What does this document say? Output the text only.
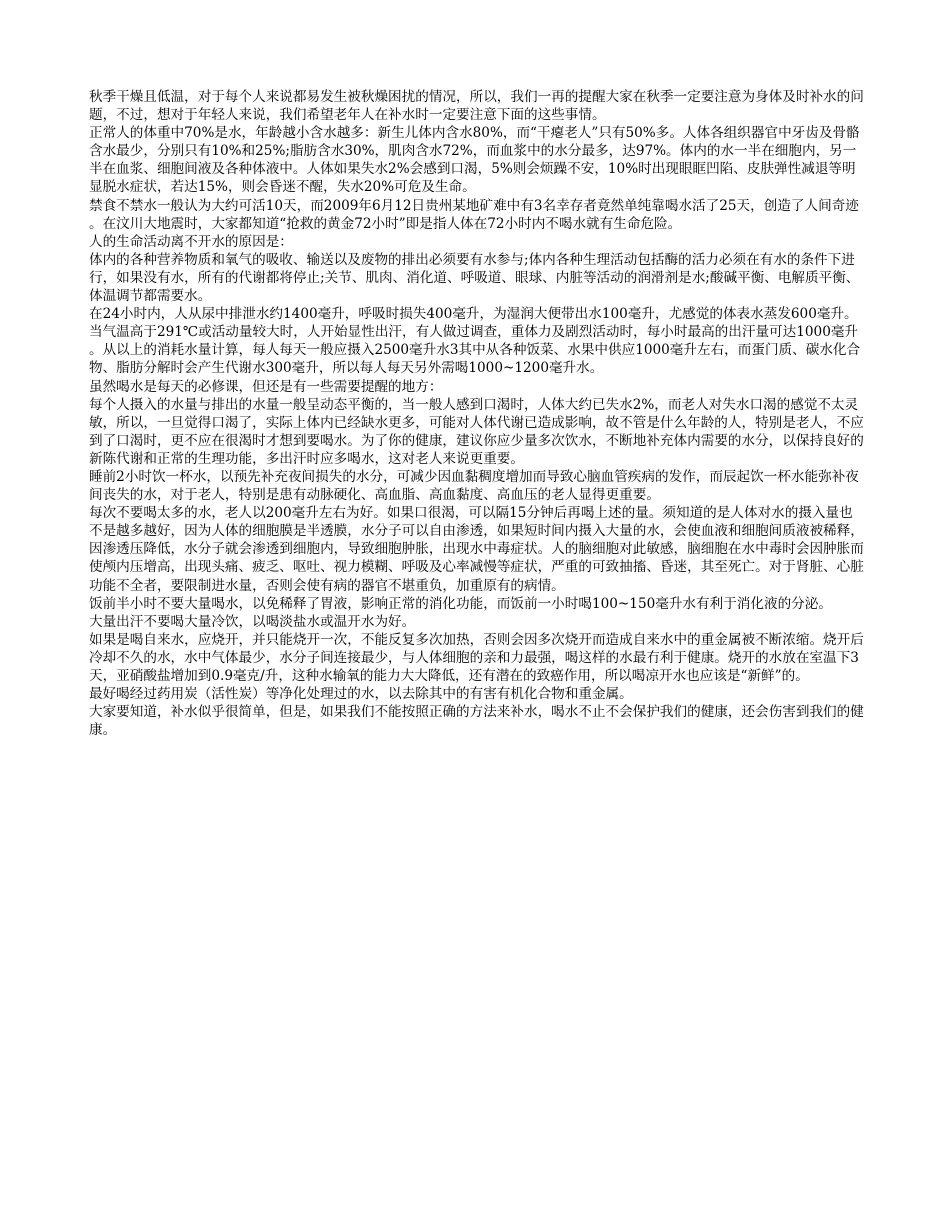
秋季干燥且低温，对于每个人来说都易发生被秋燥困扰的情况，所以，我们一再的提醒大家在秋季一定要注意为身体及时补水的问题，不过，想对于年轻人来说，我们希望老年人在补水时一定要注意下面的这些事情。

正常人的体重中70%是水，年龄越小含水越多：新生儿体内含水80%，而“干瘪老人”只有50%多。人体各组织器官中牙齿及骨骼含水最少，分别只有10%和25%;脂肪含水30%，肌肉含水72%，而血浆中的水分最多，达97%。体内的水一半在细胞内，另一半在血浆、细胞间液及各种体液中。人体如果失水2%会感到口渴，5%则会烦躁不安，10%时出现眼眶凹陷、皮肤弹性减退等明显脱水症状，若达15%，则会昏迷不醒，失水20%可危及生命。

禁食不禁水一般认为大约可活10天，而2009年6月12日贵州某地矿难中有3名幸存者竟然单纯靠喝水活了25天，创造了人间奇迹。在汶川大地震时，大家都知道“抢救的黄金72小时”即是指人体在72小时内不喝水就有生命危险。

人的生命活动离不开水的原因是：

体内的各种营养物质和氧气的吸收、输送以及废物的排出必须要有水参与;体内各种生理活动包括酶的活力必须在有水的条件下进行，如果没有水，所有的代谢都将停止;关节、肌肉、消化道、呼吸道、眼球、内脏等活动的润滑剂是水;酸碱平衡、电解质平衡、体温调节都需要水。

在24小时内，人从尿中排泄水约1400毫升，呼吸时损失400毫升，为湿润大便带出水100毫升，尤感觉的体表水蒸发600毫升。当气温高于291℃或活动量较大时，人开始显性出汗，有人做过调查，重体力及剧烈活动时，每小时最高的出汗量可达1000毫升。从以上的消耗水量计算，每人每天一般应摄入2500毫升水3其中从各种饭菜、水果中供应1000毫升左右，而蛋门质、碳水化合物、脂肪分解时会产生代谢水300毫升，所以每人每天另外需喝1000~1200毫升水。

虽然喝水是每天的必修课，但还是有一些需要提醒的地方：

每个人摄入的水量与排出的水量一般呈动态平衡的，当一般人感到口渴时，人体大约已失水2%，而老人对失水口渴的感觉不太灵敏，所以，一旦觉得口渴了，实际上体内已经缺水更多，可能对人体代谢已造成影响，故不管是什么年龄的人，特别是老人，不应到了口渴时，更不应在很渴时才想到要喝水。为了你的健康，建议你应少量多次饮水，不断地补充体内需要的水分，以保持良好的新陈代谢和正常的生理功能，多出汗时应多喝水，这对老人来说更重要。

睡前2小时饮一杯水，以预先补充夜间损失的水分，可减少因血黏稠度增加而导致心脑血管疾病的发作，而辰起饮一杯水能弥补夜间丧失的水，对于老人，特别是患有动脉硬化、高血脂、高血黏度、高血压的老人显得更重要。

每次不要喝太多的水，老人以200毫升左右为好。如果口很渴，可以隔15分钟后再喝上述的量。须知道的是人体对水的摄入量也不是越多越好，因为人体的细胞膜是半透膜，水分子可以自由渗透，如果短时间内摄入大量的水，会使血液和细胞间质液被稀释，因渗透压降低，水分子就会渗透到细胞内，导致细胞肿胀，出现水中毒症状。人的脑细胞对此敏感，脑细胞在水中毒时会因肿胀而使颅内压增高，出现头痛、疲乏、呕吐、视力模糊、呼吸及心率减慢等症状，严重的可致抽搐、昏迷，其至死亡。对于肾脏、心脏功能不全者，要限制进水量，否则会使有病的器官不堪重负，加重原有的病情。

饭前半小时不要大量喝水，以免稀释了胃液，影响正常的消化功能，而饭前一小时喝100~150毫升水有利于消化液的分泌。

大量出汗不要喝大量冷饮，以喝淡盐水或温开水为好。

如果是喝自来水，应烧开，并只能烧开一次，不能反复多次加热，否则会因多次烧开而造成自来水中的重金属被不断浓缩。烧开后冷却不久的水，水中气体最少，水分子间连接最少，与人体细胞的亲和力最强，喝这样的水最冇利于健康。烧开的水放在室温下3天，亚硝酸盐增加到0.9毫克/升，这种水输氧的能力大大降低，还有潜在的致癌作用，所以喝凉开水也应该是“新鲜”的。

最好喝经过药用炭（活性炭）等净化处理过的水，以去除其中的有害有机化合物和重金属。

大家要知道，补水似乎很简单，但是，如果我们不能按照正确的方法来补水，喝水不止不会保护我们的健康，还会伤害到我们的健康。
